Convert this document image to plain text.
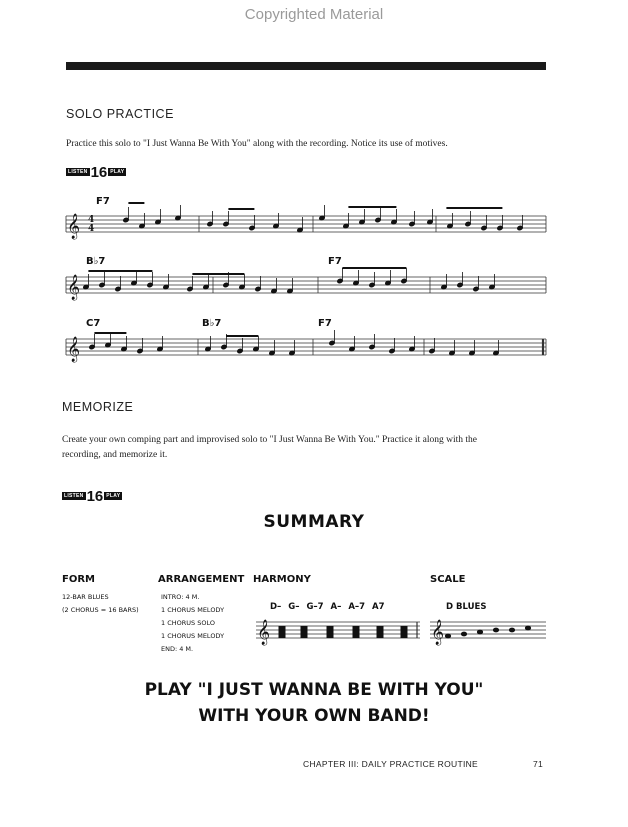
Copyrighted Material
SOLO PRACTICE
Practice this solo to "I Just Wanna Be With You" along with the recording. Notice its use of motives.
LISTEN 16 PLAY
F7
B♭7	F7
C7	B♭7	F7
𝄞
𝄞
𝄞
𝄞	𝄞
4
4
MEMORIZE
Create your own comping part and improvised solo to "I Just Wanna Be With You." Practice it along with the
recording, and memorize it.
LISTEN 16 PLAY
SUMMARY
FORM
12-BAR BLUES
(2 CHORUS = 16 BARS)
ARRANGEMENT
INTRO: 4 M.
1 CHORUS MELODY
1 CHORUS SOLO
1 CHORUS MELODY
END: 4 M.
HARMONY
D– G– G–7 A– A–7 A7
SCALE
D BLUES
PLAY "I JUST WANNA BE WITH YOU"
WITH YOUR OWN BAND!
CHAPTER III: DAILY PRACTICE ROUTINE	71
